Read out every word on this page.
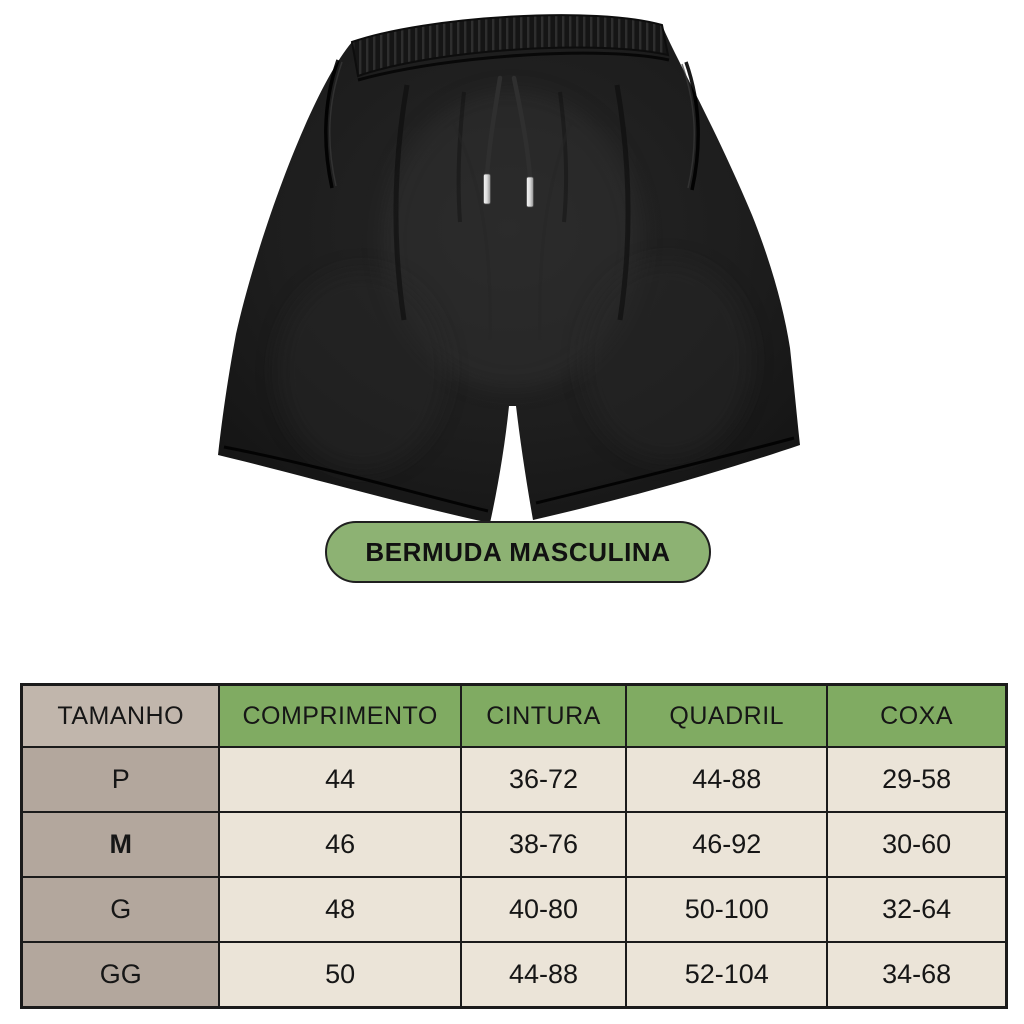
BERMUDA MASCULINA
TAMANHO	COMPRIMENTO	CINTURA	QUADRIL	COXA
P	44	36-72	44-88	29-58
M	46	38-76	46-92	30-60
G	48	40-80	50-100	32-64
GG	50	44-88	52-104	34-68
